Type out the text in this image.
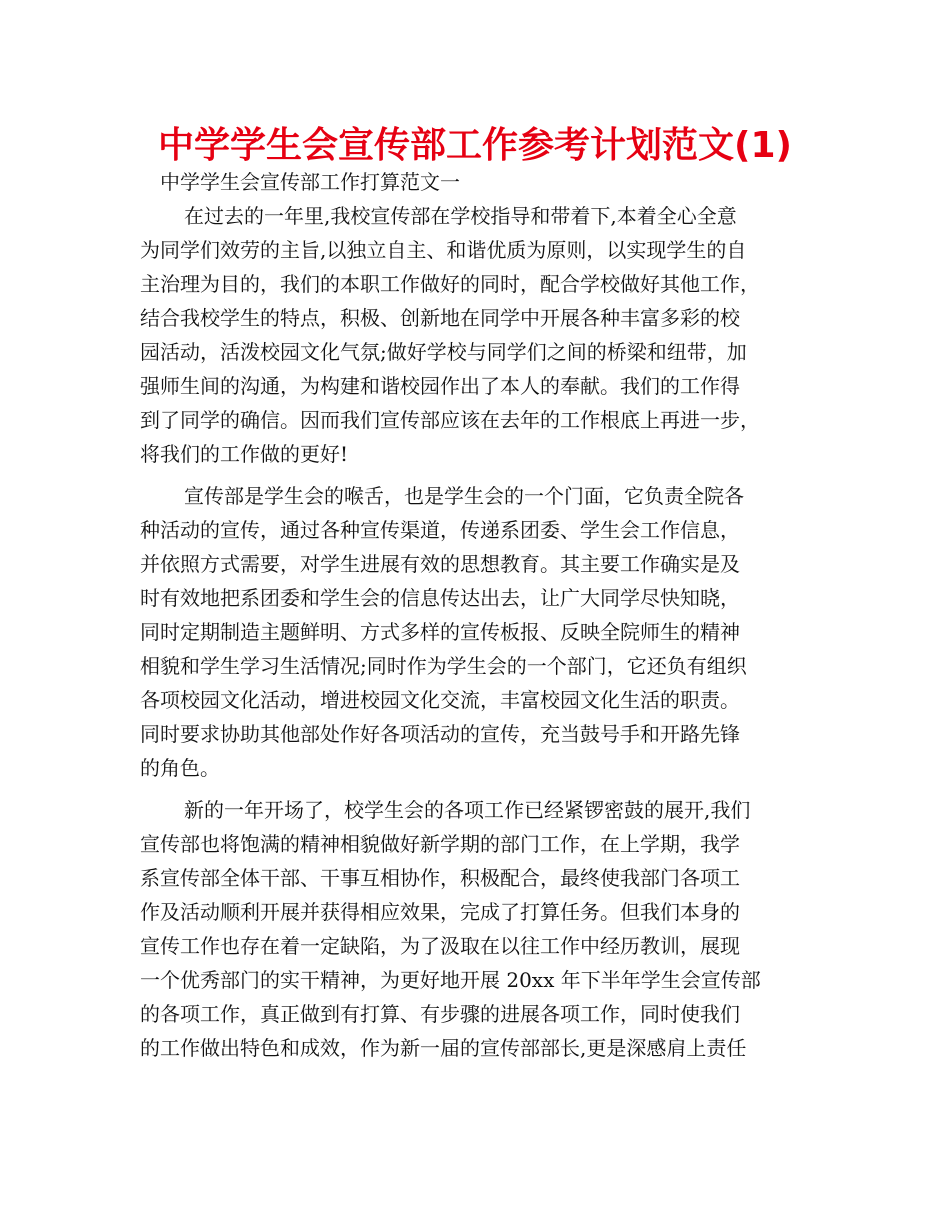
中学学生会宣传部工作参考计划范文(1)

中学学生会宣传部工作打算范文一

在过去的一年里,我校宣传部在学校指导和带着下,本着全心全意
为同学们效劳的主旨,以独立自主、和谐优质为原则，以实现学生的自
主治理为目的，我们的本职工作做好的同时，配合学校做好其他工作，
结合我校学生的特点，积极、创新地在同学中开展各种丰富多彩的校
园活动，活泼校园文化气氛;做好学校与同学们之间的桥梁和纽带，加
强师生间的沟通，为构建和谐校园作出了本人的奉献。我们的工作得
到了同学的确信。因而我们宣传部应该在去年的工作根底上再进一步，
将我们的工作做的更好!
宣传部是学生会的喉舌，也是学生会的一个门面，它负责全院各
种活动的宣传，通过各种宣传渠道，传递系团委、学生会工作信息，
并依照方式需要，对学生进展有效的思想教育。其主要工作确实是及
时有效地把系团委和学生会的信息传达出去，让广大同学尽快知晓，
同时定期制造主题鲜明、方式多样的宣传板报、反映全院师生的精神
相貌和学生学习生活情况;同时作为学生会的一个部门，它还负有组织
各项校园文化活动，增进校园文化交流，丰富校园文化生活的职责。
同时要求协助其他部处作好各项活动的宣传，充当鼓号手和开路先锋
的角色。
新的一年开场了，校学生会的各项工作已经紧锣密鼓的展开,我们
宣传部也将饱满的精神相貌做好新学期的部门工作，在上学期，我学
系宣传部全体干部、干事互相协作，积极配合，最终使我部门各项工
作及活动顺利开展并获得相应效果，完成了打算任务。但我们本身的
宣传工作也存在着一定缺陷，为了汲取在以往工作中经历教训，展现
一个优秀部门的实干精神，为更好地开展 20xx 年下半年学生会宣传部
的各项工作，真正做到有打算、有步骤的进展各项工作，同时使我们
的工作做出特色和成效，作为新一届的宣传部部长,更是深感肩上责任
